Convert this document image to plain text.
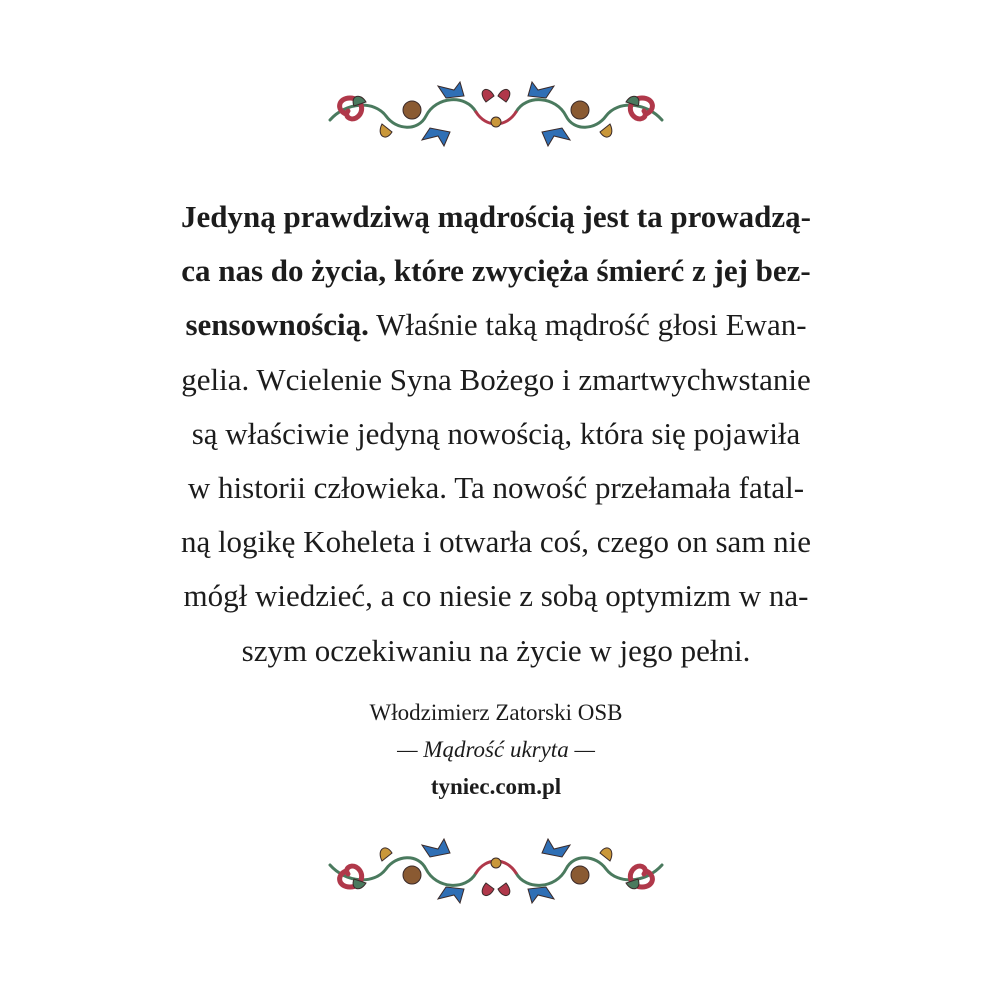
Jedyną prawdziwą mądrością jest ta prowadzą-
ca nas do życia, które zwycięża śmierć z jej bez-
sensownością. Właśnie taką mądrość głosi Ewan-
gelia. Wcielenie Syna Bożego i zmartwychwstanie
są właściwie jedyną nowością, która się pojawiła
w historii człowieka. Ta nowość przełamała fatal-
ną logikę Koheleta i otwarła coś, czego on sam nie
mógł wiedzieć, a co niesie z sobą optymizm w na-
szym oczekiwaniu na życie w jego pełni.
Włodzimierz Zatorski OSB
— Mądrość ukryta —
tyniec.com.pl
